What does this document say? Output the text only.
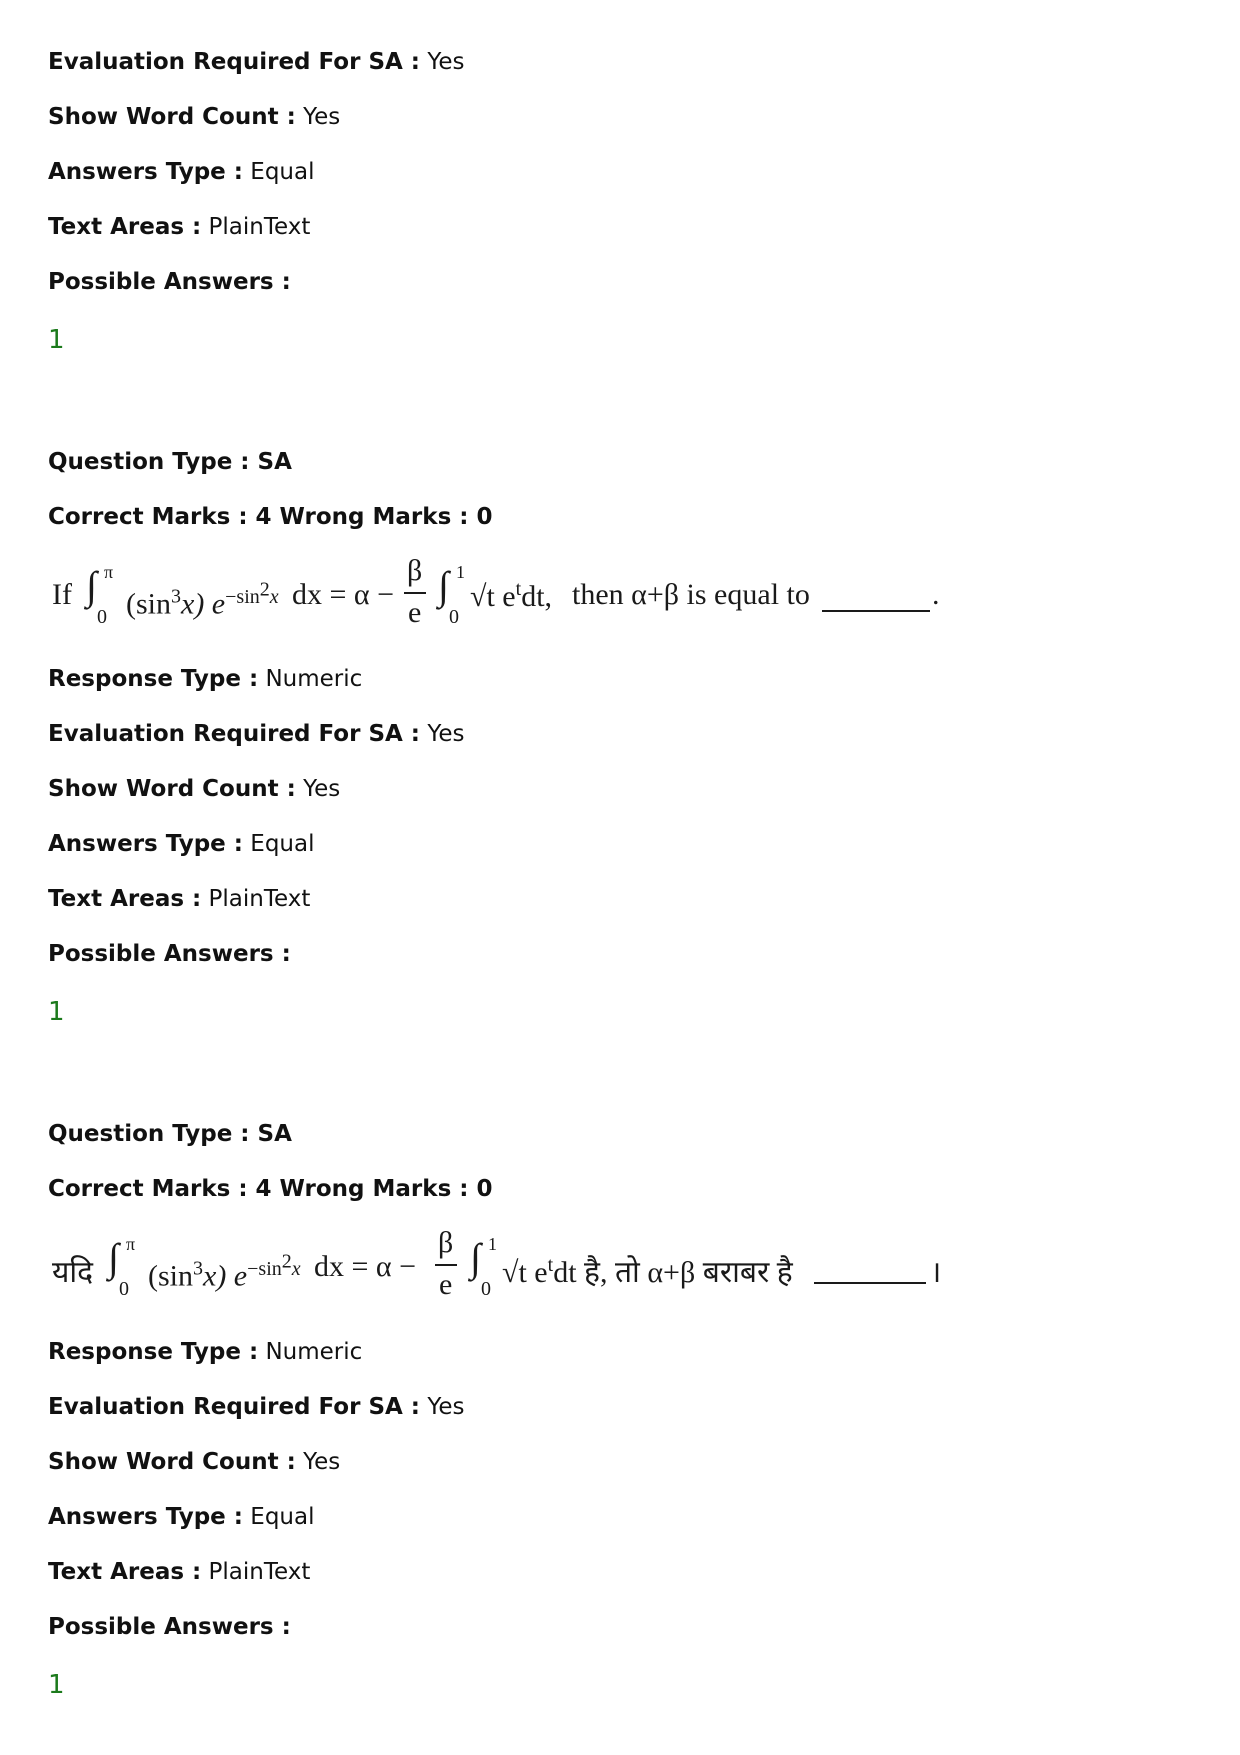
Evaluation Required For SA : Yes
Show Word Count : Yes
Answers Type : Equal
Text Areas : PlainText
Possible Answers :
1
Question Type : SA
Correct Marks : 4 Wrong Marks : 0
If ∫ π
0 $(\sin^3x)$ $e^{-sin^2x}$ dx = α −
β
e
∫ 1
0
√t $e^tdt$, then α+β is equal to	.
Response Type : Numeric
Evaluation Required For SA : Yes
Show Word Count : Yes
Answers Type : Equal
Text Areas : PlainText
Possible Answers :
1
Question Type : SA
Correct Marks : 4 Wrong Marks : 0
यदि ∫ π
0 $(\sin^3x)$ $e^{-sin^2x}$ dx = α −
β
e
∫ 1
0 √t $e^tdt$ है, तो α+β बराबर है	।
Response Type : Numeric
Evaluation Required For SA : Yes
Show Word Count : Yes
Answers Type : Equal
Text Areas : PlainText
Possible Answers :
1
